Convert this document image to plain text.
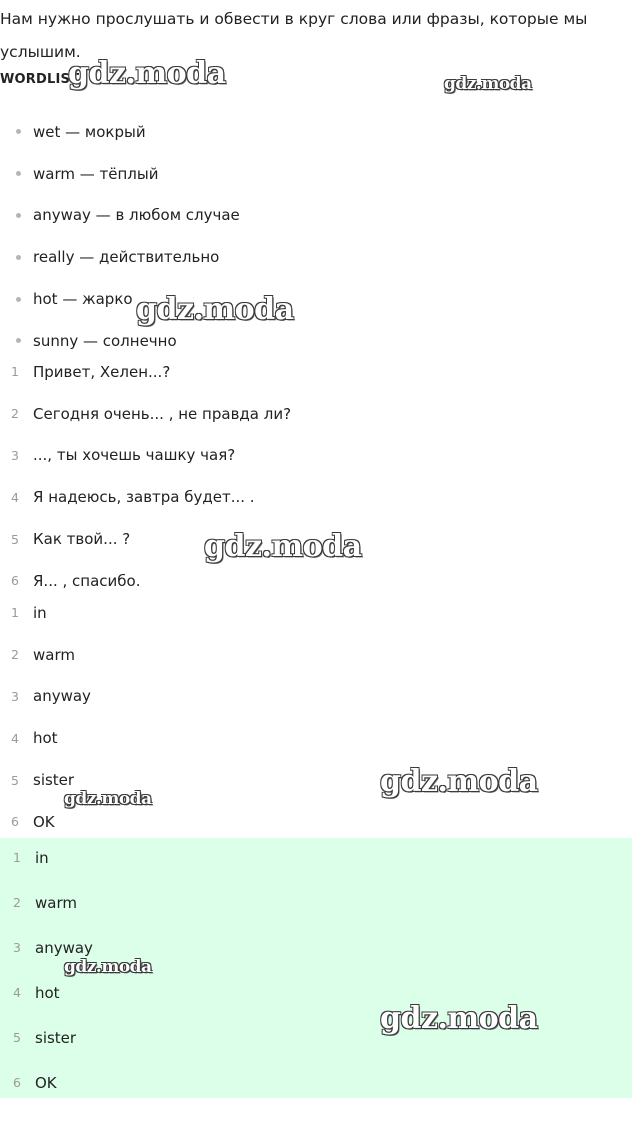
Нам нужно прослушать и обвести в круг слова или фразы, которые мы услышим.
WORDLIST
wet — мокрый
warm — тёплый
anyway — в любом случае
really — действительно
hot — жарко
sunny — солнечно
1 Привет, Хелен...?
2 Сегодня очень... , не правда ли?
3 ..., ты хочешь чашку чая?
4 Я надеюсь, завтра будет... .
5 Как твой... ?
6 Я... , спасибо.
1 in
2 warm
3 anyway
4 hot
5 sister
6 OK
1 in
2 warm
3 anyway
4 hot
5 sister
6 OK
gdz.moda	gdz.moda
gdz.moda
gdz.moda
gdz.moda
gdz.moda
gdz.moda
gdz.moda
